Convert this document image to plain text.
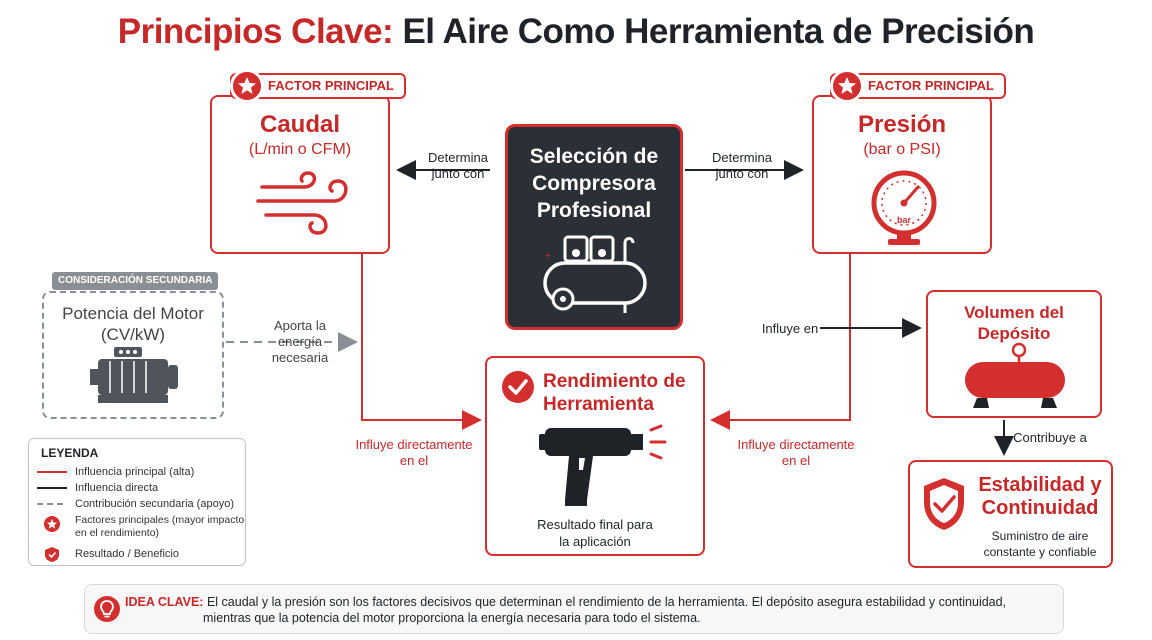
Principios Clave: El Aire Como Herramienta de Precisión
Caudal
(L/min o CFM)
FACTOR PRINCIPAL
Presión
(bar o PSI)
bar
FACTOR PRINCIPAL
Selección de
Compresora
Profesional
+
Determina
junto con
Determina
junto con
Influye en
Aporta la
energía
necesaria
Influye directamente
en el
Influye directamente
en el
Contribuye a
Potencia del Motor
(CV/kW)
CONSIDERACIÓN SECUNDARIA
Rendimiento de
Herramienta
Resultado final para
la aplicación
Volumen del
Depósito
Estabilidad y
Continuidad
Suministro de aire
constante y confiable
LEYENDA
Influencia principal (alta)
Influencia directa
Contribución secundaria (apoyo)
Factores principales (mayor impacto
en el rendimiento)
Resultado / Beneficio
IDEA CLAVE: El caudal y la presión son los factores decisivos que determinan el rendimiento de la herramienta. El depósito asegura estabilidad y continuidad,
mientras que la potencia del motor proporciona la energía necesaria para todo el sistema.
